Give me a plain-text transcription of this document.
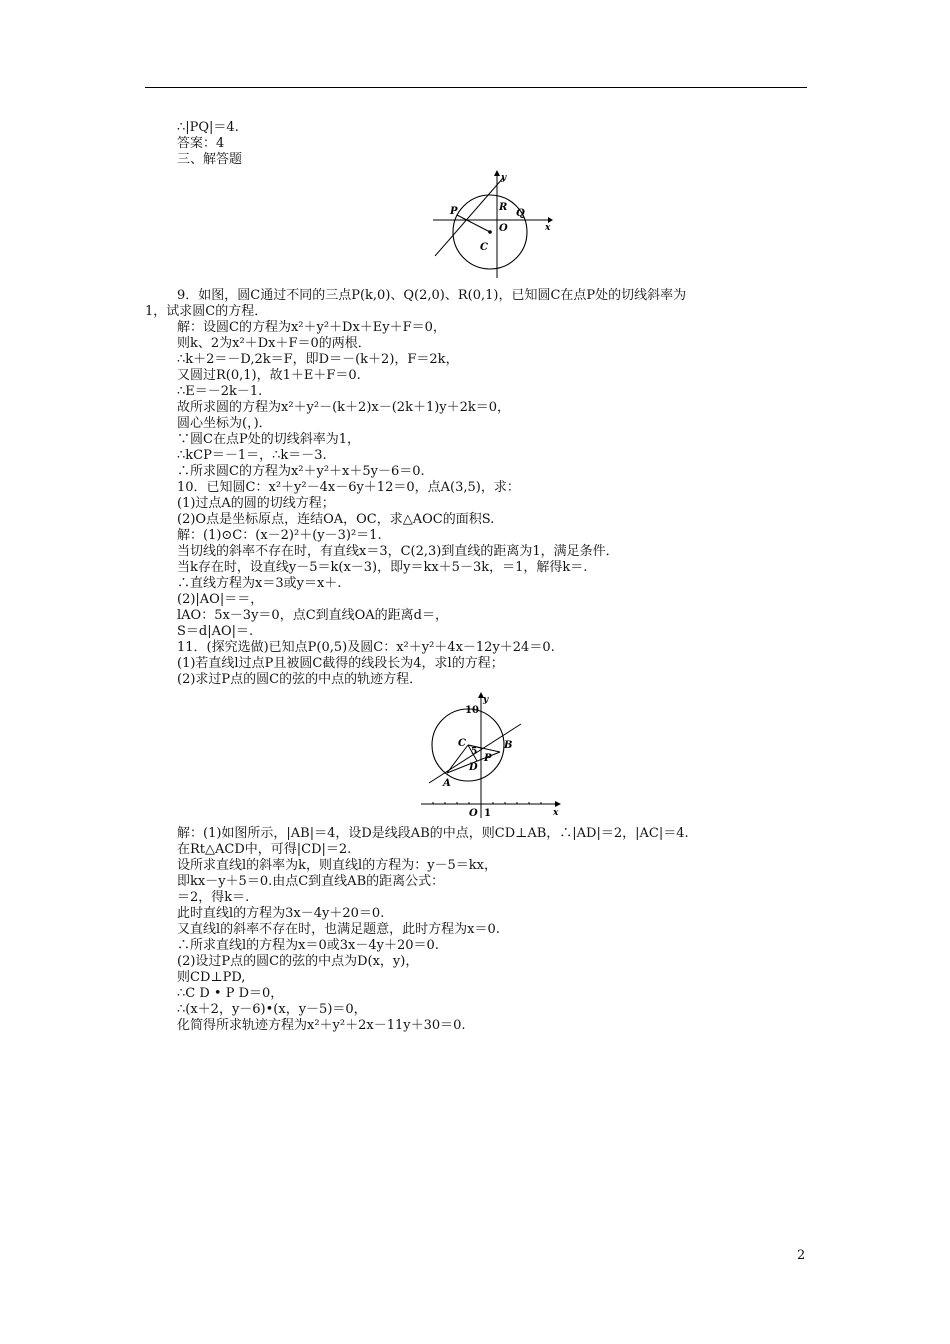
∴|PQ|＝4.
答案：4
三、解答题
y
x
P	R
Q
O
C
9．如图，圆C通过不同的三点P(k,0)、Q(2,0)、R(0,1)，已知圆C在点P处的切线斜率为
1，试求圆C的方程．
解：设圆C的方程为x²＋y²＋Dx＋Ey＋F＝0，
则k、2为x²＋Dx＋F＝0的两根．
∴k＋2＝－D,2k＝F，即D＝－(k＋2)，F＝2k，
又圆过R(0,1)，故1＋E＋F＝0.
∴E＝－2k－1.
故所求圆的方程为x²＋y²－(k＋2)x－(2k＋1)y＋2k＝0，
圆心坐标为(，)．
∵圆C在点P处的切线斜率为1，
∴kCP＝－1＝，∴k＝－3.
∴所求圆C的方程为x²＋y²＋x＋5y－6＝0.
10．已知圆C：x²＋y²－4x－6y＋12＝0，点A(3,5)，求：
(1)过点A的圆的切线方程；
(2)O点是坐标原点，连结OA，OC，求△AOC的面积S.
解：(1)⊙C：(x－2)²＋(y－3)²＝1.
当切线的斜率不存在时，有直线x＝3，C(2,3)到直线的距离为1，满足条件．
当k存在时，设直线y－5＝k(x－3)，即y＝kx＋5－3k，＝1，解得k＝.
∴直线方程为x＝3或y＝x＋.
(2)|AO|＝＝，
lAO：5x－3y＝0，点C到直线OA的距离d＝，
S＝d|AO|＝.
11．(探究选做)已知点P(0,5)及圆C：x²＋y²＋4x－12y＋24＝0.
(1)若直线l过点P且被圆C截得的线段长为4，求l的方程；
(2)求过P点的圆C的弦的中点的轨迹方程．
y
10
C	B
5
P
D
A
O 1	x
解：(1)如图所示，|AB|＝4，设D是线段AB的中点，则CD⊥AB，∴|AD|＝2，|AC|＝4.
在Rt△ACD中，可得|CD|＝2.
设所求直线l的斜率为k，则直线l的方程为：y－5＝kx，
即kx－y＋5＝0.由点C到直线AB的距离公式：
＝2，得k＝.
此时直线l的方程为3x－4y＋20＝0.
又直线l的斜率不存在时，也满足题意，此时方程为x＝0.
∴所求直线l的方程为x＝0或3x－4y＋20＝0.
(2)设过P点的圆C的弦的中点为D(x，y)，
则CD⊥PD,
∴C D • P D＝0，
∴(x＋2，y－6)•(x，y－5)＝0，
化简得所求轨迹方程为x²＋y²＋2x－11y＋30＝0.
2
